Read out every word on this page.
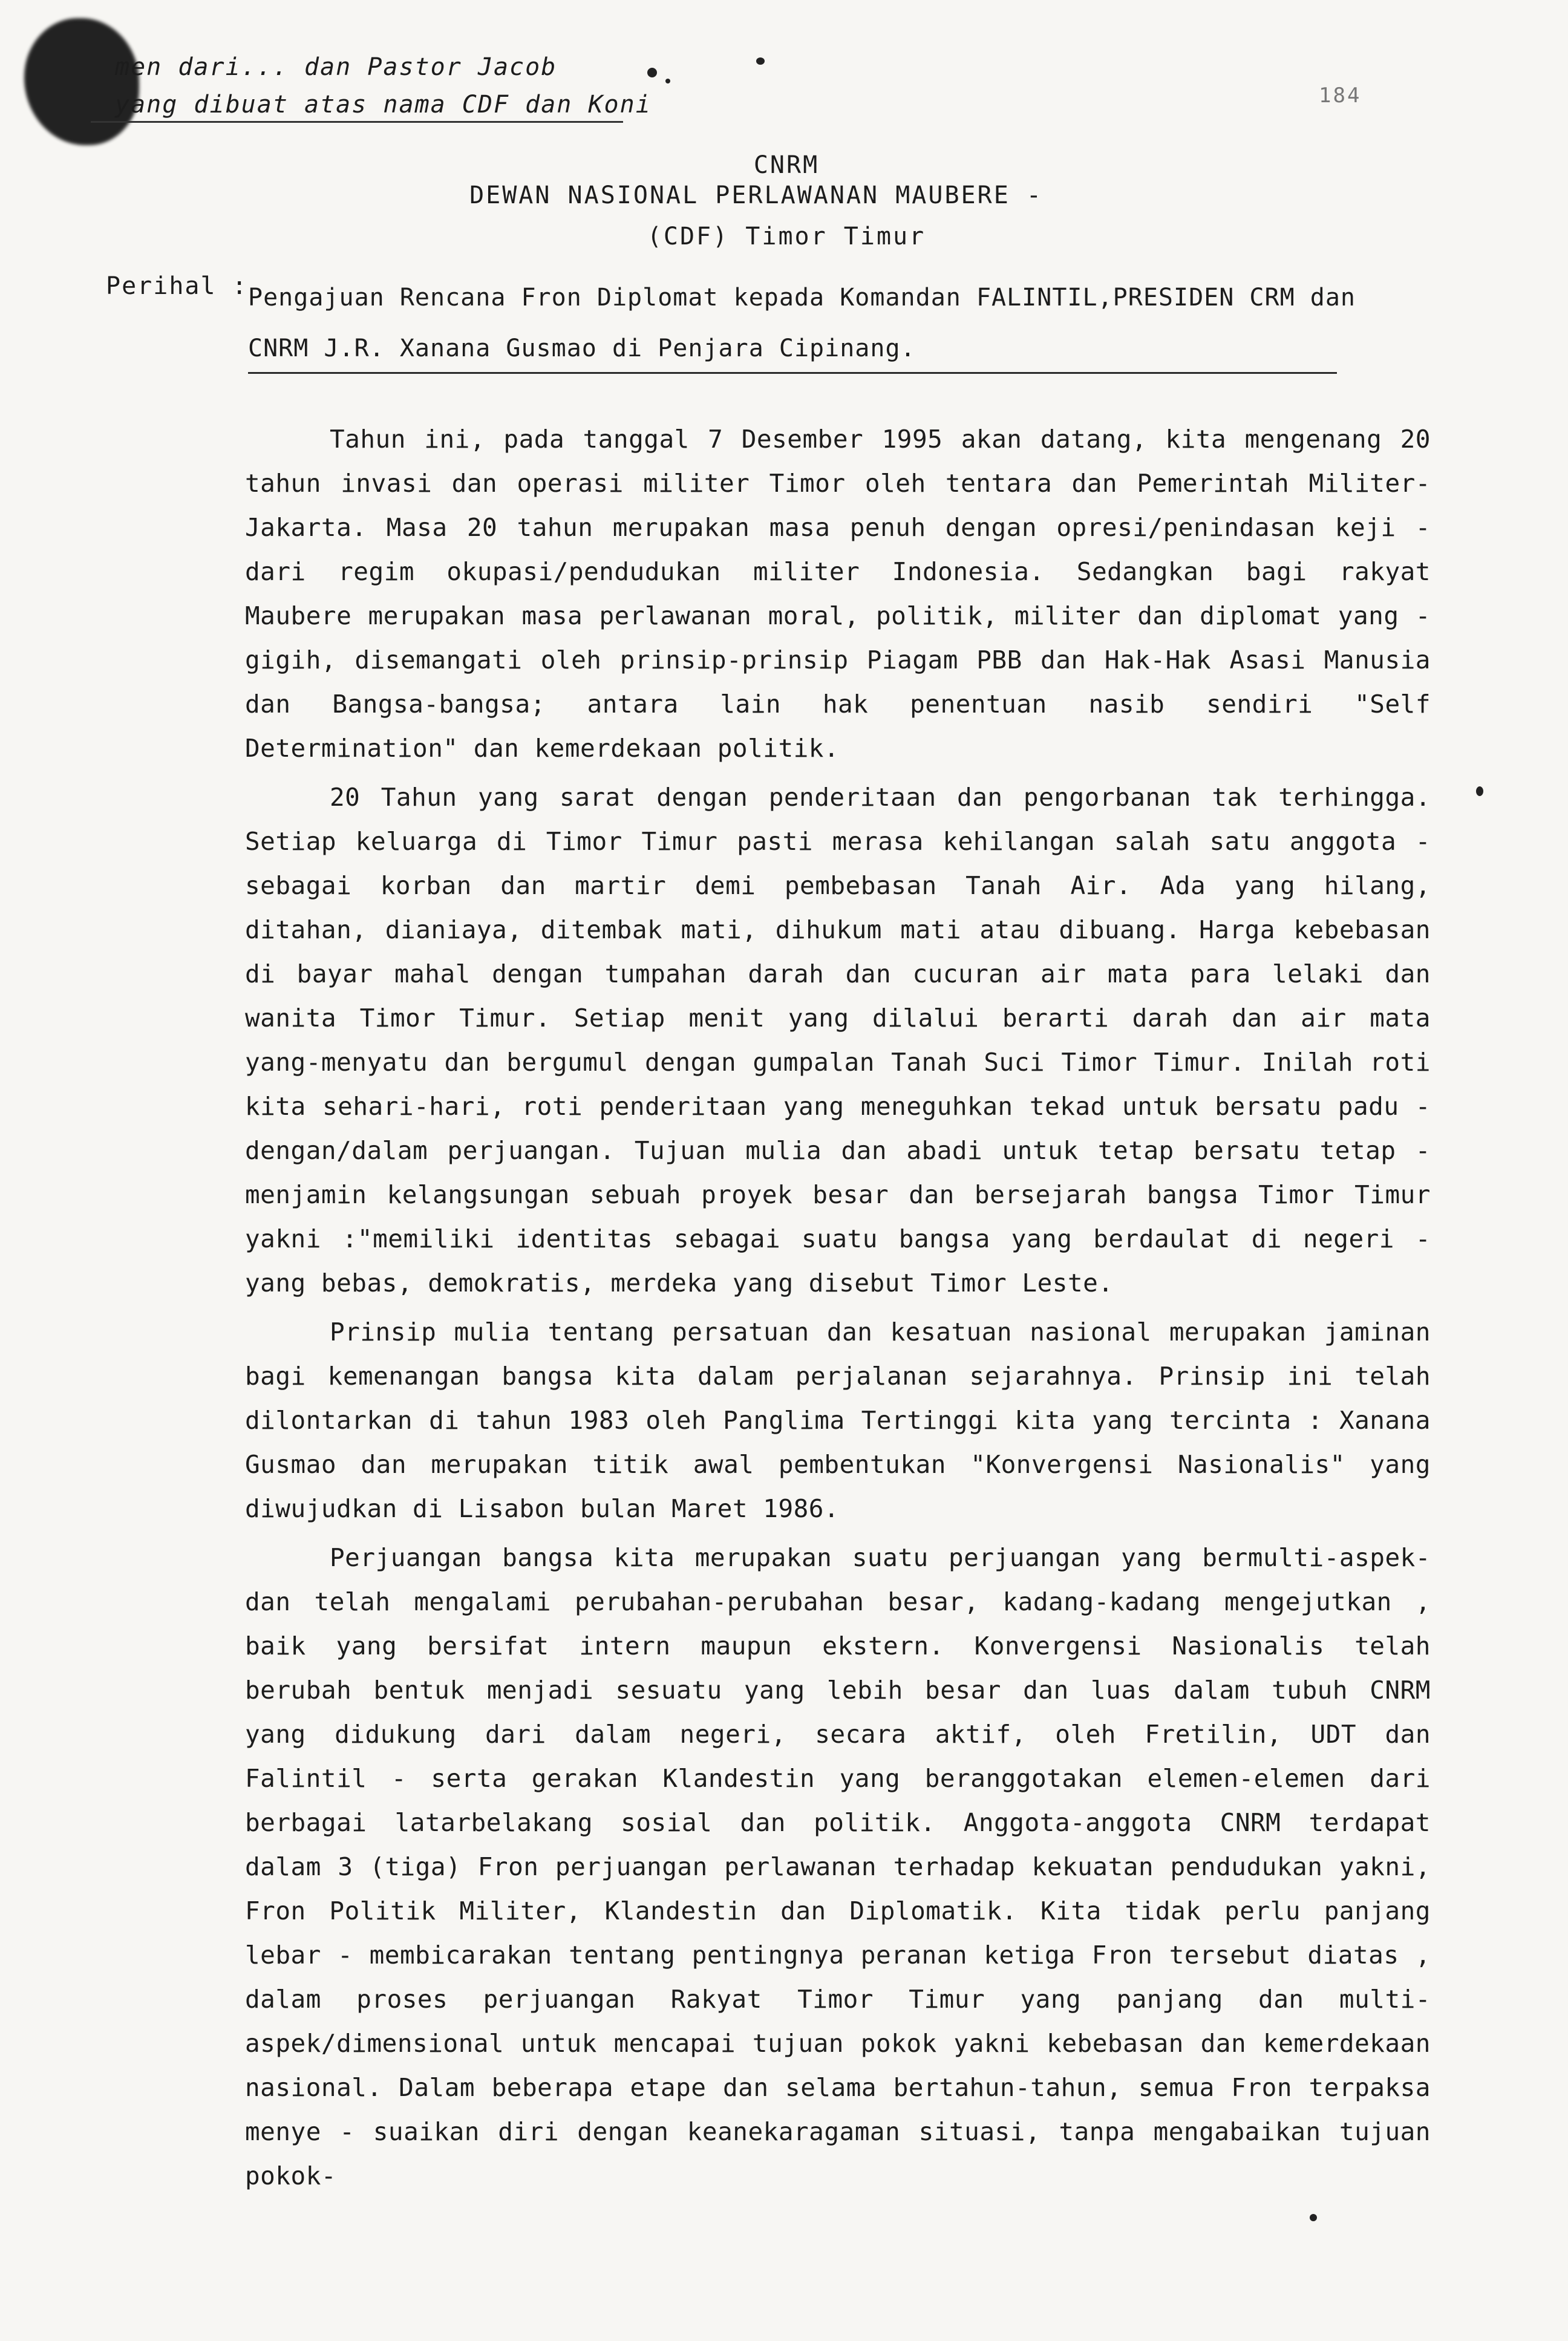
men dari... dan Pastor Jacob
yang dibuat atas nama CDF dan Koni	184
CNRM
DEWAN NASIONAL PERLAWANAN MAUBERE -
(CDF) Timor Timur
Perihal : Pengajuan Rencana Fron Diplomat kepada Komandan FALINTIL,PRESIDEN CRM dan CNRM J.R. Xanana Gusmao di Penjara Cipinang.

Tahun ini, pada tanggal 7 Desember 1995 akan datang, kita mengenang 20 tahun invasi dan operasi militer Timor oleh tentara dan Pemerintah Militer-Jakarta. Masa 20 tahun merupakan masa penuh dengan opresi/penindasan keji - dari regim okupasi/pendudukan militer Indonesia. Sedangkan bagi rakyat Maubere merupakan masa perlawanan moral, politik, militer dan diplomat yang - gigih, disemangati oleh prinsip-prinsip Piagam PBB dan Hak-Hak Asasi Manusia dan Bangsa-bangsa; antara lain hak penentuan nasib sendiri "Self Determination" dan kemerdekaan politik.

20 Tahun yang sarat dengan penderitaan dan pengorbanan tak terhingga. Setiap keluarga di Timor Timur pasti merasa kehilangan salah satu anggota - sebagai korban dan martir demi pembebasan Tanah Air. Ada yang hilang, ditahan, dianiaya, ditembak mati, dihukum mati atau dibuang. Harga kebebasan di bayar mahal dengan tumpahan darah dan cucuran air mata para lelaki dan wanita Timor Timur. Setiap menit yang dilalui berarti darah dan air mata yang-menyatu dan bergumul dengan gumpalan Tanah Suci Timor Timur. Inilah roti kita sehari-hari, roti penderitaan yang meneguhkan tekad untuk bersatu padu - dengan/dalam perjuangan. Tujuan mulia dan abadi untuk tetap bersatu tetap - menjamin kelangsungan sebuah proyek besar dan bersejarah bangsa Timor Timur yakni :"memiliki identitas sebagai suatu bangsa yang berdaulat di negeri - yang bebas, demokratis, merdeka yang disebut Timor Leste.

Prinsip mulia tentang persatuan dan kesatuan nasional merupakan jaminan bagi kemenangan bangsa kita dalam perjalanan sejarahnya. Prinsip ini telah dilontarkan di tahun 1983 oleh Panglima Tertinggi kita yang tercinta : Xanana Gusmao dan merupakan titik awal pembentukan "Konvergensi Nasionalis" yang diwujudkan di Lisabon bulan Maret 1986.

Perjuangan bangsa kita merupakan suatu perjuangan yang bermulti-aspek- dan telah mengalami perubahan-perubahan besar, kadang-kadang mengejutkan , baik yang bersifat intern maupun ekstern. Konvergensi Nasionalis telah berubah bentuk menjadi sesuatu yang lebih besar dan luas dalam tubuh CNRM yang didukung dari dalam negeri, secara aktif, oleh Fretilin, UDT dan Falintil - serta gerakan Klandestin yang beranggotakan elemen-elemen dari berbagai latarbelakang sosial dan politik. Anggota-anggota CNRM terdapat dalam 3 (tiga) Fron perjuangan perlawanan terhadap kekuatan pendudukan yakni, Fron Politik Militer, Klandestin dan Diplomatik. Kita tidak perlu panjang lebar - membicarakan tentang pentingnya peranan ketiga Fron tersebut diatas , dalam proses perjuangan Rakyat Timor Timur yang panjang dan multi-aspek/dimensional untuk mencapai tujuan pokok yakni kebebasan dan kemerdekaan nasional. Dalam beberapa etape dan selama bertahun-tahun, semua Fron terpaksa menye - suaikan diri dengan keanekaragaman situasi, tanpa mengabaikan tujuan pokok-
